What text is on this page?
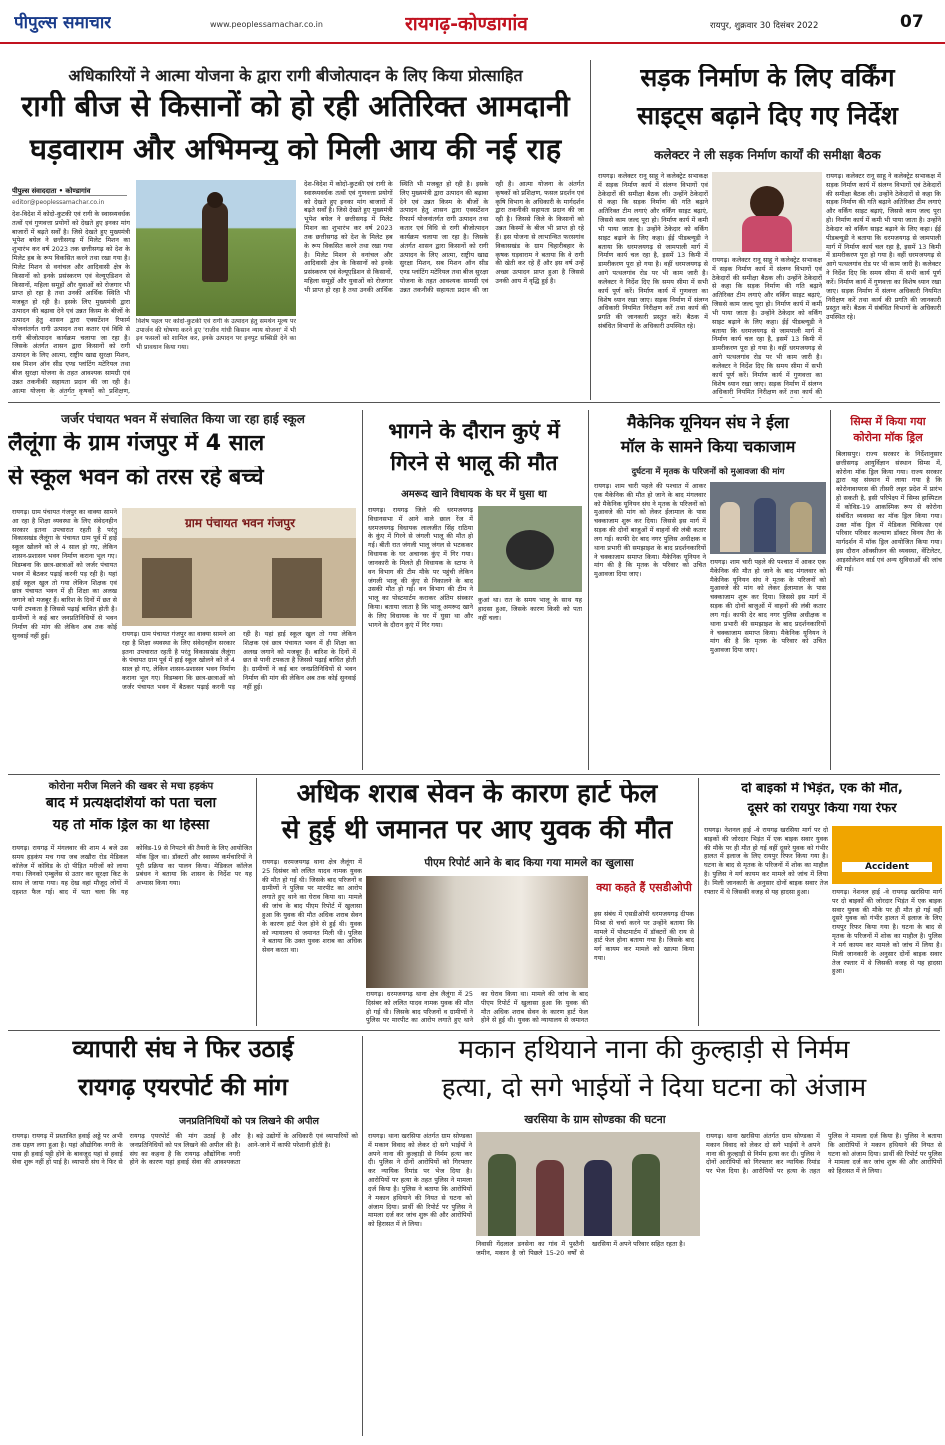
पीपुल्स समाचार	www.peoplessamachar.co.in	रायगढ़-कोण्डागांव	रायपुर, शुक्रवार 30 दिसंबर 2022	07
अधिकारियों ने आत्मा योजना के द्वारा रागी बीजोत्पादन के लिए किया प्रोत्साहित
रागी बीज से किसानों को हो रही अतिरिक्त आमदानी
घड़वाराम और अभिमन्यु को मिली आय की नई राह
पीपुल्स संवाददाता • कोण्डागांव
editor@peoplessamachar.co.in
विशेष पहल पर कोदो-कुटकी एवं रागी के उत्पादन हेतु समर्थन मूल्य पर उपार्जन की घोषणा करने हुए 'राजीव गांधी किसान न्याय योजना' में भी इन फसलों को शामिल कर, इनके उत्पादन पर इनपुट सब्सिडी देने का भी प्रावधान किया गया।
देश-विदेश में कोदो-कुटकी एवं रागी के स्वास्थ्यवर्धक तत्वों एवं गुणवत्ता प्रयोगों को देखते हुए इनका मांग बाजारों में बढ़ते सर्वों है। जिसे देखते हुए मुख्यमंत्री भूपेश बघेल ने छत्तीसगढ़ में मिलेट मिशन का शुभारंभ कर वर्ष 2023 तक छत्तीसगढ़ को देश के मिलेट हब के रूप विकसित करने तथा रखा गया है। मिलेट मिशन से वनांचल और आदिवासी क्षेत्र के किसानों को इनके प्रसंस्करण एवं वेल्यूएडिशन से किसानों, महिला समूहों और युवाओं को रोजगार भी प्राप्त हो रहा है तथा उनकी आर्थिक स्थिति भी मजबूत हो रही है। इसके लिए मुख्यमंत्री द्वारा उत्पादन की बढ़ावा देने एवं उन्नत किस्म के बीजों के उत्पादन हेतु शासन द्वारा एक्सटेंशन रिफार्म योजनांतर्गत रागी उत्पादन तथा कतार एवं विधि से रागी बीजोत्पादन कार्यक्रम चलाया जा रहा है। जिसके अंतर्गत शासन द्वारा किसानों को रागी उत्पादन के लिए आत्मा, राष्ट्रीय खाद्य सुरक्षा मिशन, सब मिशन ऑन सीड एण्ड प्लांटिंग मटेरियल तथा बीज सुरक्षा योजना के तहत आवश्यक सामग्री एवं उन्नत तकनीकी सहायता प्रदान की जा रही है। आत्मा योजना के अंतर्गत कृषकों को प्रशिक्षण,
देश-विदेश में कोदो-कुटकी एवं रागी के स्वास्थ्यवर्धक तत्वों एवं गुणवत्ता प्रयोगों को देखते हुए इनका मांग बाजारों में बढ़ते सर्वों है। जिसे देखते हुए मुख्यमंत्री भूपेश बघेल ने छत्तीसगढ़ में मिलेट मिशन का शुभारंभ कर वर्ष 2023 तक छत्तीसगढ़ को देश के मिलेट हब के रूप विकसित करने तथा रखा गया है। मिलेट मिशन से वनांचल और आदिवासी क्षेत्र के किसानों को इनके प्रसंस्करण एवं वेल्यूएडिशन से किसानों, महिला समूहों और युवाओं को रोजगार भी प्राप्त हो रहा है तथा उनकी आर्थिक स्थिति भी मजबूत हो रही है। इसके लिए मुख्यमंत्री द्वारा उत्पादन की बढ़ावा देने एवं उन्नत किस्म के बीजों के उत्पादन हेतु शासन द्वारा एक्सटेंशन रिफार्म योजनांतर्गत रागी उत्पादन तथा कतार एवं विधि से रागी बीजोत्पादन कार्यक्रम चलाया जा रहा है। जिसके अंतर्गत शासन द्वारा किसानों को रागी उत्पादन के लिए आत्मा, राष्ट्रीय खाद्य सुरक्षा मिशन, सब मिशन ऑन सीड एण्ड प्लांटिंग मटेरियल तथा बीज सुरक्षा योजना के तहत आवश्यक सामग्री एवं उन्नत तकनीकी सहायता प्रदान की जा रही है। आत्मा योजना के अंतर्गत कृषकों को प्रशिक्षण, फसल प्रदर्शन एवं कृषि विभाग के अधिकारी के मार्गदर्शन द्वारा तकनीकी सहायता प्रदान की जा रही है। जिससे जिले के किसानों को उन्नत किस्मों के बीज भी प्राप्त हो रहे हैं। इस योजना से लाभान्वित फरसगांव विकासखंड के ग्राम चिहारीबहार के कृषक घड़वाराम ने बताया कि वे रागी की खेती कर रहे हैं और इस वर्ष उन्हें अच्छा उत्पादन प्राप्त हुआ है जिससे उनकी आय में वृद्धि हुई है।
सड़क निर्माण के लिए वर्किंग
साइट्स बढ़ाने दिए गए निर्देश
कलेक्टर ने ली सड़क निर्माण कार्यों की समीक्षा बैठक
रायगढ़। कलेक्टर रानू साहू ने कलेक्ट्रेट सभाकक्ष में सड़क निर्माण कार्य में संलग्न विभागों एवं ठेकेदारों की समीक्षा बैठक ली। उन्होंने ठेकेदारों से कहा कि सड़क निर्माण की गति बढ़ाने अतिरिक्त टीम लगाएं और वर्किंग साइट बढ़ाएं, जिससे काम जल्द पूरा हो। निर्माण कार्य में कमी भी पाया जाता है। उन्होंने ठेकेदार को वर्किंग साइट बढ़ाने के लिए कहा। ईई पीडब्ल्यूडी ने बताया कि धरमजयगढ़ से जामपाली मार्ग में निर्माण कार्य चल रहा है, इसमें 13 किमी में डामरीकरण पूरा हो गया है। वहीं धरमजयगढ़ से आगे पत्थलगांव रोड पर भी काम जारी है। कलेक्टर ने निर्देश दिए कि समय सीमा में सभी कार्य पूर्ण करें। निर्माण कार्य में गुणवत्ता का विशेष ध्यान रखा जाए। सड़क निर्माण में संलग्न अधिकारी नियमित निरीक्षण करें तथा कार्य की प्रगति की जानकारी प्रस्तुत करें। बैठक में संबंधित विभागों के अधिकारी उपस्थित रहे।
रायगढ़। कलेक्टर रानू साहू ने कलेक्ट्रेट सभाकक्ष में सड़क निर्माण कार्य में संलग्न विभागों एवं ठेकेदारों की समीक्षा बैठक ली। उन्होंने ठेकेदारों से कहा कि सड़क निर्माण की गति बढ़ाने अतिरिक्त टीम लगाएं और वर्किंग साइट बढ़ाएं, जिससे काम जल्द पूरा हो। निर्माण कार्य में कमी भी पाया जाता है। उन्होंने ठेकेदार को वर्किंग साइट बढ़ाने के लिए कहा। ईई पीडब्ल्यूडी ने बताया कि धरमजयगढ़ से जामपाली मार्ग में निर्माण कार्य चल रहा है, इसमें 13 किमी में डामरीकरण पूरा हो गया है। वहीं धरमजयगढ़ से आगे पत्थलगांव रोड पर भी काम जारी है। कलेक्टर ने निर्देश दिए कि समय सीमा में सभी कार्य पूर्ण करें। निर्माण कार्य में गुणवत्ता का विशेष ध्यान रखा जाए। सड़क निर्माण में संलग्न अधिकारी नियमित निरीक्षण करें तथा कार्य की
रायगढ़। कलेक्टर रानू साहू ने कलेक्ट्रेट सभाकक्ष में सड़क निर्माण कार्य में संलग्न विभागों एवं ठेकेदारों की समीक्षा बैठक ली। उन्होंने ठेकेदारों से कहा कि सड़क निर्माण की गति बढ़ाने अतिरिक्त टीम लगाएं और वर्किंग साइट बढ़ाएं, जिससे काम जल्द पूरा हो। निर्माण कार्य में कमी भी पाया जाता है। उन्होंने ठेकेदार को वर्किंग साइट बढ़ाने के लिए कहा। ईई पीडब्ल्यूडी ने बताया कि धरमजयगढ़ से जामपाली मार्ग में निर्माण कार्य चल रहा है, इसमें 13 किमी में डामरीकरण पूरा हो गया है। वहीं धरमजयगढ़ से आगे पत्थलगांव रोड पर भी काम जारी है। कलेक्टर ने निर्देश दिए कि समय सीमा में सभी कार्य पूर्ण करें। निर्माण कार्य में गुणवत्ता का विशेष ध्यान रखा जाए। सड़क निर्माण में संलग्न अधिकारी नियमित निरीक्षण करें तथा कार्य की प्रगति की जानकारी प्रस्तुत करें। बैठक में संबंधित विभागों के अधिकारी उपस्थित रहे।
जर्जर पंचायत भवन में संचालित किया जा रहा हाई स्कूल
लैलूंगा के ग्राम गंजपुर में 4 साल
से स्कूल भवन को तरस रहे बच्चे
रायगढ़। ग्राम पंचायत गंजपुर का वाक्या सामने आ रहा है शिक्षा व्यवस्था के लिए संवेदनहीन सरकार इतना उपचारात रहती है परंतु विकासखंड लैलूंगा के पंचायत ग्राम पूर्व में हाई स्कूल खोलने को ले 4 साल हो गए, लेकिन शासन-प्रशासन भवन निर्माण कराना भूल गए। विडम्बना कि छात्र-छात्राओं को जर्जर पंचायत भवन में बैठकर पढ़ाई करनी पड़ रही है। यहां हाई स्कूल खुल तो गया लेकिन शिक्षक एवं छात्र पंचायत भवन में ही शिक्षा का अलख जगाने को मजबूर हैं। बारिश के दिनों में छत से पानी टपकता है जिससे पढ़ाई बाधित होती है। ग्रामीणों ने कई बार जनप्रतिनिधियों से भवन निर्माण की मांग की लेकिन अब तक कोई सुनवाई नहीं हुई।
ग्राम पंचायत भवन गंजपुर
रायगढ़। ग्राम पंचायत गंजपुर का वाक्या सामने आ रहा है शिक्षा व्यवस्था के लिए संवेदनहीन सरकार इतना उपचारात रहती है परंतु विकासखंड लैलूंगा के पंचायत ग्राम पूर्व में हाई स्कूल खोलने को ले 4 साल हो गए, लेकिन शासन-प्रशासन भवन निर्माण कराना भूल गए। विडम्बना कि छात्र-छात्राओं को जर्जर पंचायत भवन में बैठकर पढ़ाई करनी पड़ रही है। यहां हाई स्कूल खुल तो गया लेकिन शिक्षक एवं छात्र पंचायत भवन में ही शिक्षा का अलख जगाने को मजबूर हैं। बारिश के दिनों में छत से पानी टपकता है जिससे पढ़ाई बाधित होती है। ग्रामीणों ने कई बार जनप्रतिनिधियों से भवन निर्माण की मांग की लेकिन अब तक कोई सुनवाई नहीं हुई।
भागने के दौरान कुएं में
गिरने से भालू की मौत
अमरूद खाने विधायक के घर में घुसा था
रायगढ़। रायगढ़ जिले की धरमजयगढ़ विधानसभा में आने वाले छाल रेंज में धरमजयगढ़ विधायक लालजीत सिंह राठिया के कुंए में गिरने से जंगली भालू की मौत हो गई। बीती रात जंगली भालू जंगल से भटककर विधायक के घर अचानक कुंए में गिर गया। जानकारी के मिलते ही विधायक के स्टाफ ने वन विभाग की टीम मौके पर पहुंची लेकिन जंगली भालू की कुंए से निकालने के बाद उसकी मौत हो गई। वन विभाग की टीम ने भालू का पोस्टमार्टम कराकर अंतिम संस्कार किया। बताया जाता है कि भालू अमरूद खाने के लिए विधायक के घर में घुसा था और भागने के दौरान कुएं में गिर गया।
कुआं था। रात के समय भालू के साथ यह हादसा हुआ, जिसके कारण किसी को पता नहीं चला।
मैकेनिक यूनियन संघ ने ईला
मॉल के सामने किया चकाजाम
दुर्घटना में मृतक के परिजनों को मुआवजा की मांग
रायगढ़। शाम चारी पहले की पश्चात में आकर एक मैकेनिक की मौत हो जाने के बाद मंगलवार को मैकेनिक यूनियन संघ ने मृतक के परिजनों को मुआवजे की मांग को लेकर ईलामाल के पास चक्काजाम शुरू कर दिया। जिससे इस मार्ग में सड़क की दोनों बाजुओं में वाहनों की लंबी कतार लग गई। काफी देर बाद नगर पुलिस अधीक्षक व थाना प्रभारी की समझाइश के बाद प्रदर्शनकारियों ने चक्काजाम समाप्त किया। मैकेनिक यूनियन ने मांग की है कि मृतक के परिवार को उचित मुआवजा दिया जाए।
रायगढ़। शाम चारी पहले की पश्चात में आकर एक मैकेनिक की मौत हो जाने के बाद मंगलवार को मैकेनिक यूनियन संघ ने मृतक के परिजनों को मुआवजे की मांग को लेकर ईलामाल के पास चक्काजाम शुरू कर दिया। जिससे इस मार्ग में सड़क की दोनों बाजुओं में वाहनों की लंबी कतार लग गई। काफी देर बाद नगर पुलिस अधीक्षक व थाना प्रभारी की समझाइश के बाद प्रदर्शनकारियों ने चक्काजाम समाप्त किया। मैकेनिक यूनियन ने मांग की है कि मृतक के परिवार को उचित मुआवजा दिया जाए।
सिम्स में किया गया
कोरोना मॉक ड्रिल
बिलासपुर। राज्य सरकार के निर्देशानुसार छत्तीसगढ़ आयुर्विज्ञान संस्थान सिम्स में, कोरोना मॉक ड्रिल किया गया। राज्य सरकार द्वारा यह संस्थान में लाया गया है कि कोरोनावायरस की तीसरी लहर प्रदेश में प्रारंभ हो सकती है, इसी परिपेक्ष्य में सिम्स हास्पिटल में कोविड-19 आकस्मिक रूप से कोरोना संबंधित व्यवस्था का मॉक ड्रिल किया गया। उक्त मॉक ड्रिल में मेडिकल चिकित्सा एवं परिवार परिवार कल्याण डॉक्टर विनय तैरा के मार्गदर्शन में मॉक ड्रिल आयोजित किया गया। इस दौरान ऑक्सीजन की व्यवस्था, वेंटिलेटर, आइसोलेशन वार्ड एवं अन्य सुविधाओं की जांच की गई।
कोरोना मरीज मिलने की खबर से मचा हड़कंप
बाद में प्रत्यक्षदर्शियों को पता चला
यह तो मॉक ड्रिल का था हिस्सा
रायगढ़। रायगढ़ में मंगलवार की शाम 4 बजे उस समय हड़कंप मच गया जब लखौरा रोड मेडिकल कॉलेज में कोविड के दो पीड़ित मरीजों को लाया गया। जिनको एम्बुलेंस से उतार कर सूरक्षा किट के साथ ले जाया गया। यह देख वहां मौजूद लोगों में दहशत फैल गई। बाद में पता चला कि यह कोविड-19 से निपटने की तैयारी के लिए आयोजित मॉक ड्रिल था। डॉक्टरों और स्वास्थ्य कर्मचारियों ने पूरी प्रक्रिया का पालन किया। मेडिकल कॉलेज प्रबंधन ने बताया कि शासन के निर्देश पर यह अभ्यास किया गया।
अधिक शराब सेवन के कारण हार्ट फेल
से हुई थी जमानत पर आए युवक की मौत
पीएम रिपोर्ट आने के बाद किया गया मामले का खुलासा
रायगढ़। धरमजयगढ़ थाना क्षेत्र लैलूंगा में 25 दिसंबर को ललित यादव नामक युवक की मौत हो गई थी। जिसके बाद परिजनों व ग्रामीणों ने पुलिस पर मारपीट का आरोप लगाते हुए थाने का घेराव किया था। मामले की जांच के बाद पीएम रिपोर्ट में खुलासा हुआ कि युवक की मौत अधिक शराब सेवन के कारण हार्ट फेल होने से हुई थी। युवक को न्यायालय से जमानत मिली थी। पुलिस ने बताया कि उक्त युवक शराब का अधिक सेवन करता था।
रायगढ़। धरमजयगढ़ थाना क्षेत्र लैलूंगा में 25 दिसंबर को ललित यादव नामक युवक की मौत हो गई थी। जिसके बाद परिजनों व ग्रामीणों ने पुलिस पर मारपीट का आरोप लगाते हुए थाने का घेराव किया था। मामले की जांच के बाद पीएम रिपोर्ट में खुलासा हुआ कि युवक की मौत अधिक शराब सेवन के कारण हार्ट फेल होने से हुई थी। युवक को न्यायालय से जमानत
क्या कहते हैं एसडीओपी
इस संबंध में एसडीओपी धरमजयगढ़ दीपक मिश्रा से चर्चा करने पर उन्होंने बताया कि मामले में पोस्टमार्टम में डॉक्टरों की राय से हार्ट फेल होना बताया गया है। जिसके बाद मर्ग कायम कर मामले को खात्मा किया गया।
दो बाइकों में भिड़ंत, एक की मौत,
दूसरे को रायपुर किया गया रेफर
Accident
रायगढ़। नेशनल हाई -वे रायगढ़ खरसिया मार्ग पर दो बाइकों की जोरदार भिड़ंत में एक बाइक सवार युवक की मौके पर ही मौत हो गई वहीं दूसरे युवक को गंभीर हालत में इलाज के लिए रायपुर रिफर किया गया है। घटना के बाद से मृतक के परिजनों में शोक का माहौल है। पुलिस ने मर्ग कायम कर मामले को जांच में लिया है। मिली जानकारी के अनुसार दोनों बाइक सवार तेज रफ्तार में थे जिसकी वजह से यह हादसा हुआ।	रायगढ़। नेशनल हाई -वे रायगढ़ खरसिया मार्ग पर दो बाइकों की जोरदार भिड़ंत में एक बाइक सवार युवक की मौके पर ही मौत हो गई वहीं दूसरे युवक को गंभीर हालत में इलाज के लिए रायपुर रिफर किया गया है। घटना के बाद से मृतक के परिजनों में शोक का माहौल है। पुलिस ने मर्ग कायम कर मामले को जांच में लिया है। मिली जानकारी के अनुसार दोनों बाइक सवार तेज रफ्तार में थे जिसकी वजह से यह हादसा हुआ।
व्यापारी संघ ने फिर उठाई
रायगढ़ एयरपोर्ट की मांग
जनप्रतिनिधियों को पत्र लिखने की अपील
रायगढ़। रायगढ़ में प्रस्तावित हवाई अड्डे पर अभी तक ग्रहण लगा हुआ है। यहां औद्योगिक नगरी के पास ही हवाई पट्टी होने के बावजूद यहां से हवाई सेवा शुरू नहीं हो पाई है। व्यापारी संघ ने फिर से रायगढ़ एयरपोर्ट की मांग उठाई है और जनप्रतिनिधियों को पत्र लिखने की अपील की है। संघ का कहना है कि रायगढ़ औद्योगिक नगरी होने के कारण यहां हवाई सेवा की आवश्यकता है। बड़े उद्योगों के अधिकारी एवं व्यापारियों को आने-जाने में काफी परेशानी होती है।
मकान हथियाने नाना की कुल्हाड़ी से निर्मम
हत्या, दो सगे भाईयों ने दिया घटना को अंजाम
खरसिया के ग्राम सोण्डका की घटना
रायगढ़। थाना खरसिया अंतर्गत ग्राम सोण्डका में मकान विवाद को लेकर दो सगे भाईयों ने अपने नाना की कुल्हाड़ी से निर्मम हत्या कर दी। पुलिस ने दोनों आरोपियों को गिरफ्तार कर न्यायिक रिमांड पर भेज दिया है। आरोपियों पर हत्या के तहत पुलिस ने मामला दर्ज किया है। पुलिस ने बताया कि आरोपियों ने मकान हथियाने की नियत से घटना को अंजाम दिया। प्रार्थी की रिपोर्ट पर पुलिस ने मामला दर्ज कर जांच शुरू की और आरोपियों को हिरासत में ले लिया।
निवासी गेंदलाल डनसेना का गांव में पुस्तैनी जमीन, मकान है जो पिछले 15-20 वर्षों से खरसिया में अपने परिवार सहित रहता है।
रायगढ़। थाना खरसिया अंतर्गत ग्राम सोण्डका में मकान विवाद को लेकर दो सगे भाईयों ने अपने नाना की कुल्हाड़ी से निर्मम हत्या कर दी। पुलिस ने दोनों आरोपियों को गिरफ्तार कर न्यायिक रिमांड पर भेज दिया है। आरोपियों पर हत्या के तहत पुलिस ने मामला दर्ज किया है। पुलिस ने बताया कि आरोपियों ने मकान हथियाने की नियत से घटना को अंजाम दिया। प्रार्थी की रिपोर्ट पर पुलिस ने मामला दर्ज कर जांच शुरू की और आरोपियों को हिरासत में ले लिया।
